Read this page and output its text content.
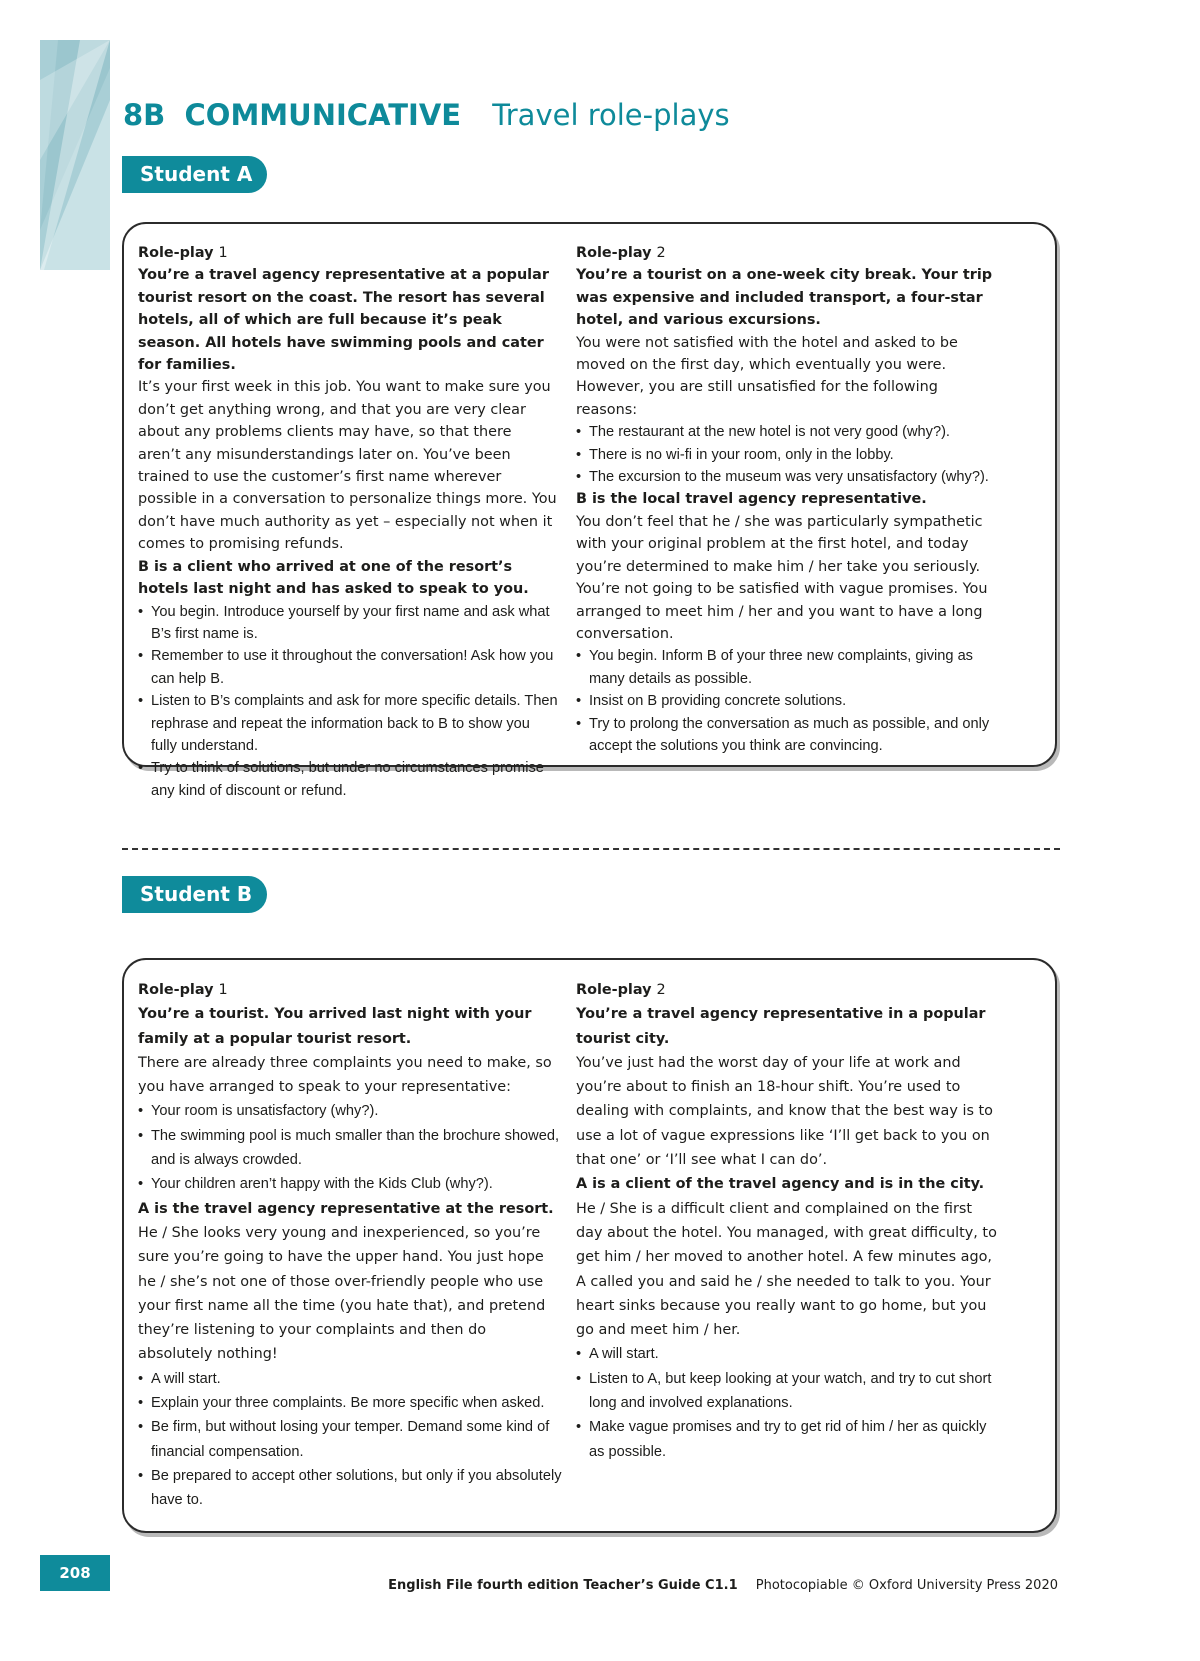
8B COMMUNICATIVE Travel role-plays
Student A

Role-play 1

You’re a travel agency representative at a popular tourist resort on the coast. The resort has several hotels, all of which are full because it’s peak season. All hotels have swimming pools and cater for families.

It’s your first week in this job. You want to make sure you don’t get anything wrong, and that you are very clear about any problems clients may have, so that there aren’t any misunderstandings later on. You’ve been trained to use the customer’s first name wherever possible in a conversation to personalize things more. You don’t have much authority as yet – especially not when it comes to promising refunds.

B is a client who arrived at one of the resort’s hotels last night and has asked to speak to you.

• You begin. Introduce yourself by your first name and ask what B’s first name is.
• Remember to use it throughout the conversation! Ask how you can help B.
• Listen to B’s complaints and ask for more specific details. Then rephrase and repeat the information back to B to show you fully understand.
• Try to think of solutions, but under no circumstances promise any kind of discount or refund.

Role-play 2

You’re a tourist on a one-week city break. Your trip was expensive and included transport, a four-star hotel, and various excursions.

You were not satisfied with the hotel and asked to be moved on the first day, which eventually you were. However, you are still unsatisfied for the following reasons:

• The restaurant at the new hotel is not very good (why?).
• There is no wi-fi in your room, only in the lobby.
• The excursion to the museum was very unsatisfactory (why?).

B is the local travel agency representative.

You don’t feel that he / she was particularly sympathetic with your original problem at the first hotel, and today you’re determined to make him / her take you seriously. You’re not going to be satisfied with vague promises. You arranged to meet him / her and you want to have a long conversation.

• You begin. Inform B of your three new complaints, giving as many details as possible.
• Insist on B providing concrete solutions.
• Try to prolong the conversation as much as possible, and only accept the solutions you think are convincing.
Student B

Role-play 1

You’re a tourist. You arrived last night with your family at a popular tourist resort.

There are already three complaints you need to make, so you have arranged to speak to your representative:

• Your room is unsatisfactory (why?).
• The swimming pool is much smaller than the brochure showed, and is always crowded.
• Your children aren’t happy with the Kids Club (why?).

A is the travel agency representative at the resort.

He / She looks very young and inexperienced, so you’re sure you’re going to have the upper hand. You just hope he / she’s not one of those over-friendly people who use your first name all the time (you hate that), and pretend they’re listening to your complaints and then do absolutely nothing!

• A will start.
• Explain your three complaints. Be more specific when asked.
• Be firm, but without losing your temper. Demand some kind of financial compensation.
• Be prepared to accept other solutions, but only if you absolutely have to.

Role-play 2

You’re a travel agency representative in a popular tourist city.

You’ve just had the worst day of your life at work and you’re about to finish an 18-hour shift. You’re used to dealing with complaints, and know that the best way is to use a lot of vague expressions like ‘I’ll get back to you on that one’ or ‘I’ll see what I can do’.

A is a client of the travel agency and is in the city.

He / She is a difficult client and complained on the first day about the hotel. You managed, with great difficulty, to get him / her moved to another hotel. A few minutes ago, A called you and said he / she needed to talk to you. Your heart sinks because you really want to go home, but you go and meet him / her.

• A will start.
• Listen to A, but keep looking at your watch, and try to cut short long and involved explanations.
• Make vague promises and try to get rid of him / her as quickly as possible.
208
English File fourth edition Teacher’s Guide C1.1 Photocopiable © Oxford University Press 2020
